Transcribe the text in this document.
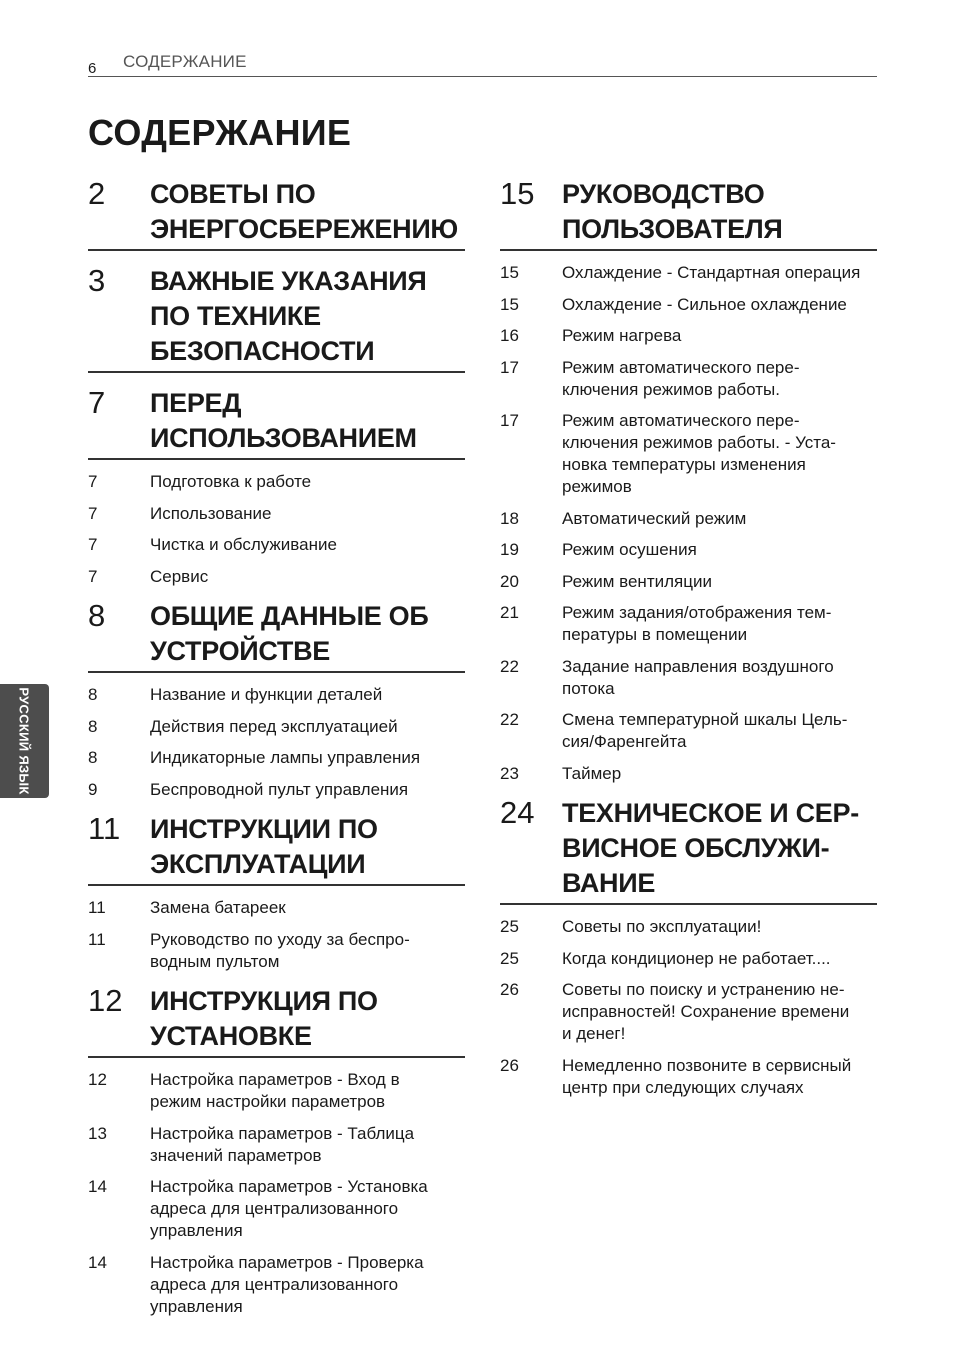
6 СОДЕРЖАНИЕ
СОДЕРЖАНИЕ
2 СОВЕТЫ ПО ЭНЕРГОСБЕРЕЖЕНИЮ
3 ВАЖНЫЕ УКАЗАНИЯ ПО ТЕХНИКЕ БЕЗОПАСНОСТИ
7 ПЕРЕД ИСПОЛЬЗОВАНИЕМ
7	Подготовка к работе
7	Использование
7	Чистка и обслуживание
7	Сервис
8 ОБЩИЕ ДАННЫЕ ОБ УСТРОЙСТВЕ
8	Название и функции деталей
8	Действия перед эксплуатацией
8	Индикаторные лампы управления
9	Беспроводной пульт управления
11 ИНСТРУКЦИИ ПО ЭКСПЛУАТАЦИИ
11	Замена батареек
11	Руководство по уходу за беспро-
водным пультом
12 ИНСТРУКЦИЯ ПО УСТАНОВКЕ
12	Настройка параметров - Вход в
режим настройки параметров
13	Настройка параметров - Таблица
значений параметров
14	Настройка параметров - Установка
адреса для централизованного
управления
14	Настройка параметров - Проверка
адреса для централизованного
управления
15 РУКОВОДСТВО ПОЛЬЗОВАТЕЛЯ
15	Охлаждение - Стандартная операция
15	Охлаждение - Сильное охлаждение
16	Режим нагрева
17	Режим автоматического пере-
ключения режимов работы.
17	Режим автоматического пере-
ключения режимов работы. - Уста-
новка температуры изменения
режимов
18	Автоматический режим
19	Режим осушения
20	Режим вентиляции
21	Режим задания/отображения тем-
пературы в помещении
22	Задание направления воздушного
потока
22	Смена температурной шкалы Цель-
сия/Фаренгейта
23	Таймер
24 ТЕХНИЧЕСКОЕ И СЕР-
ВИСНОЕ ОБСЛУЖИ-
ВАНИЕ
25	Советы по эксплуатации!
25	Когда кондиционер не работает....
26	Советы по поиску и устранению не-
исправностей! Сохранение времени
и денег!
26	Немедленно позвоните в сервисный
центр при следующих случаях
РУССКИЙ ЯЗЫК
